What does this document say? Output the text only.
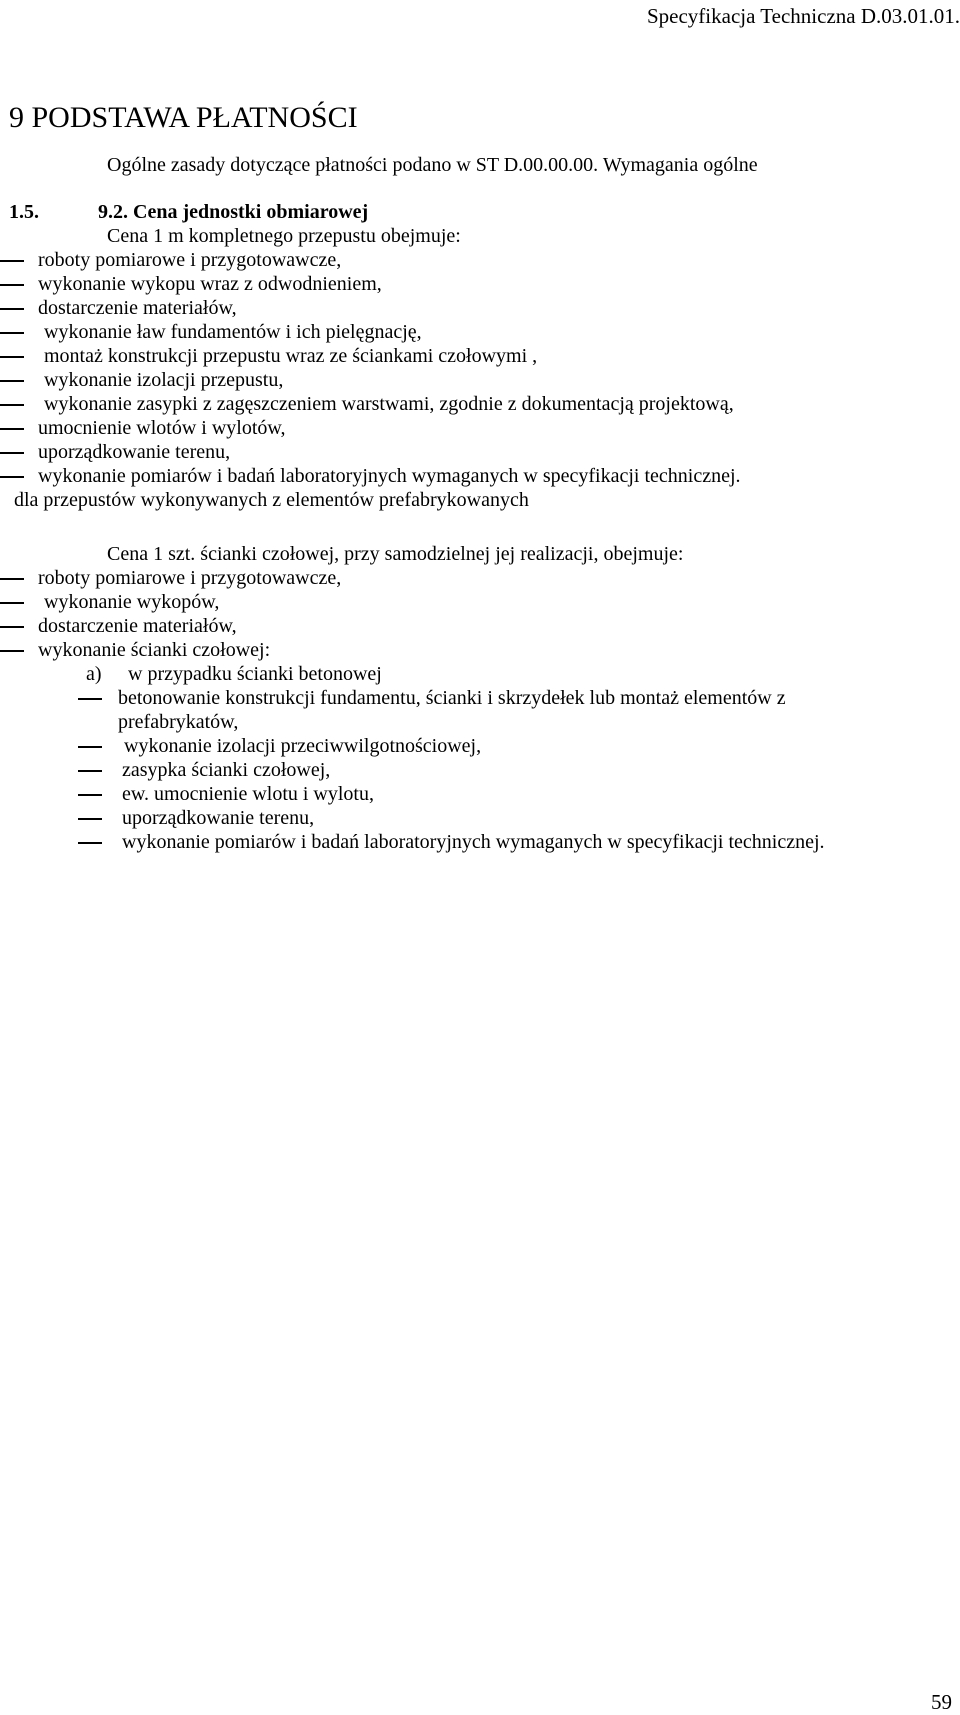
Specyfikacja Techniczna D.03.01.01.
9 PODSTAWA PŁATNOŚCI
Ogólne zasady dotyczące płatności podano w ST D.00.00.00. Wymagania ogólne
1.5.	9.2. Cena jednostki obmiarowej
Cena 1 m kompletnego przepustu obejmuje:
roboty pomiarowe i przygotowawcze,
wykonanie wykopu wraz z odwodnieniem,
dostarczenie materiałów,
wykonanie ław fundamentów i ich pielęgnację,
montaż konstrukcji przepustu wraz ze ściankami czołowymi ,
wykonanie izolacji przepustu,
wykonanie zasypki z zagęszczeniem warstwami, zgodnie z dokumentacją projektową,
umocnienie wlotów i wylotów,
uporządkowanie terenu,
wykonanie pomiarów i badań laboratoryjnych wymaganych w specyfikacji technicznej.
dla przepustów wykonywanych z elementów prefabrykowanych
Cena 1 szt. ścianki czołowej, przy samodzielnej jej realizacji, obejmuje:
roboty pomiarowe i przygotowawcze,
wykonanie wykopów,
dostarczenie materiałów,
wykonanie ścianki czołowej:
a) w przypadku ścianki betonowej
betonowanie konstrukcji fundamentu, ścianki i skrzydełek lub montaż elementów z
prefabrykatów,
wykonanie izolacji przeciwwilgotnościowej,
zasypka ścianki czołowej,
ew. umocnienie wlotu i wylotu,
uporządkowanie terenu,
wykonanie pomiarów i badań laboratoryjnych wymaganych w specyfikacji technicznej.
59
